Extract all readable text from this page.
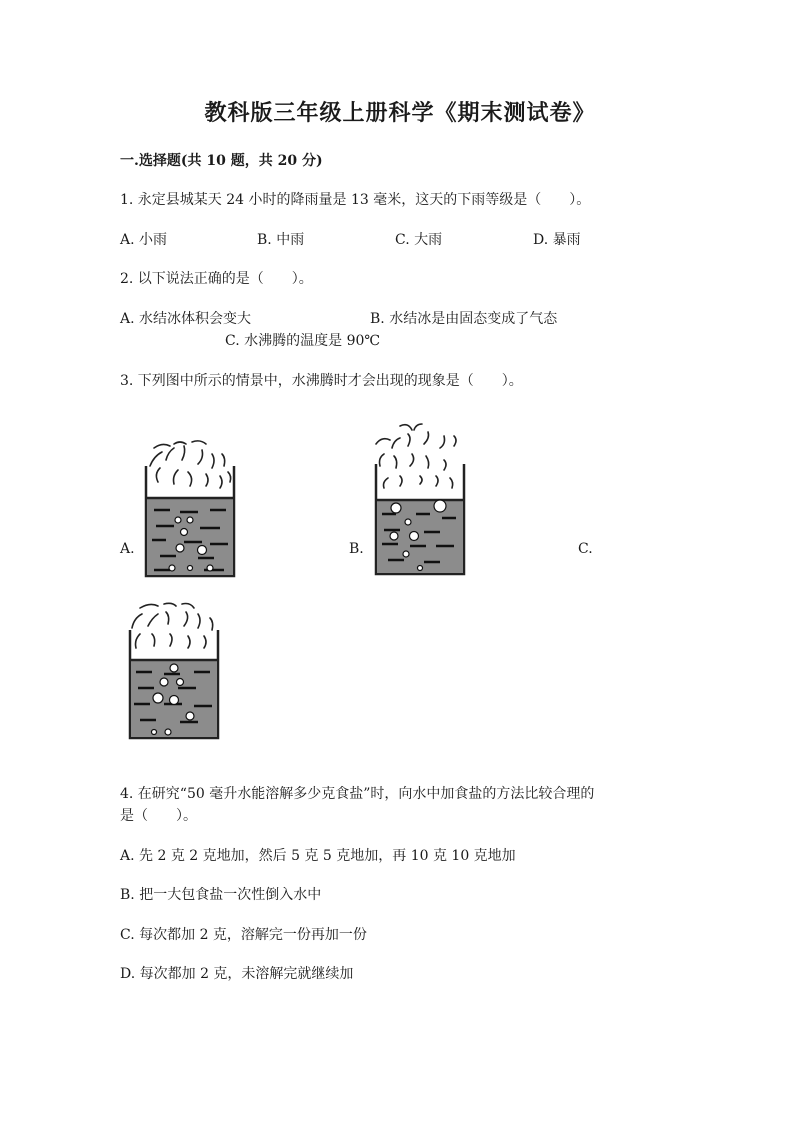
教科版三年级上册科学《期末测试卷》
一.选择题(共 10 题，共 20 分)
1. 永定县城某天 24 小时的降雨量是 13 毫米，这天的下雨等级是（　　）。
A. 小雨	B. 中雨	C. 大雨	D. 暴雨
2. 以下说法正确的是（　　）。
A. 水结冰体积会变大	B. 水结冰是由固态变成了气态
C. 水沸腾的温度是 90℃
3. 下列图中所示的情景中，水沸腾时才会出现的现象是（　　）。
A.	B.	C.
4. 在研究“50 毫升水能溶解多少克食盐”时，向水中加食盐的方法比较合理的
是（　　）。
A. 先 2 克 2 克地加，然后 5 克 5 克地加，再 10 克 10 克地加
B. 把一大包食盐一次性倒入水中
C. 每次都加 2 克，溶解完一份再加一份
D. 每次都加 2 克，未溶解完就继续加
